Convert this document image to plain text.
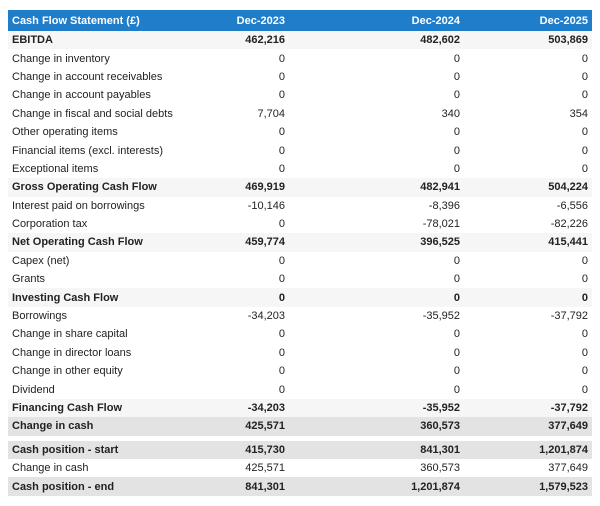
Cash Flow Statement (£)	Dec-2023	Dec-2024	Dec-2025
EBITDA	462,216	482,602	503,869
Change in inventory	0	0	0
Change in account receivables	0	0	0
Change in account payables	0	0	0
Change in fiscal and social debts	7,704	340	354
Other operating items	0	0	0
Financial items (excl. interests)	0	0	0
Exceptional items	0	0	0
Gross Operating Cash Flow	469,919	482,941	504,224
Interest paid on borrowings	-10,146	-8,396	-6,556
Corporation tax	0	-78,021	-82,226
Net Operating Cash Flow	459,774	396,525	415,441
Capex (net)	0	0	0
Grants	0	0	0
Investing Cash Flow	0	0	0
Borrowings	-34,203	-35,952	-37,792
Change in share capital	0	0	0
Change in director loans	0	0	0
Change in other equity	0	0	0
Dividend	0	0	0
Financing Cash Flow	-34,203	-35,952	-37,792
Change in cash	425,571	360,573	377,649
Cash position - start	415,730	841,301	1,201,874
Change in cash	425,571	360,573	377,649
Cash position - end	841,301	1,201,874	1,579,523
